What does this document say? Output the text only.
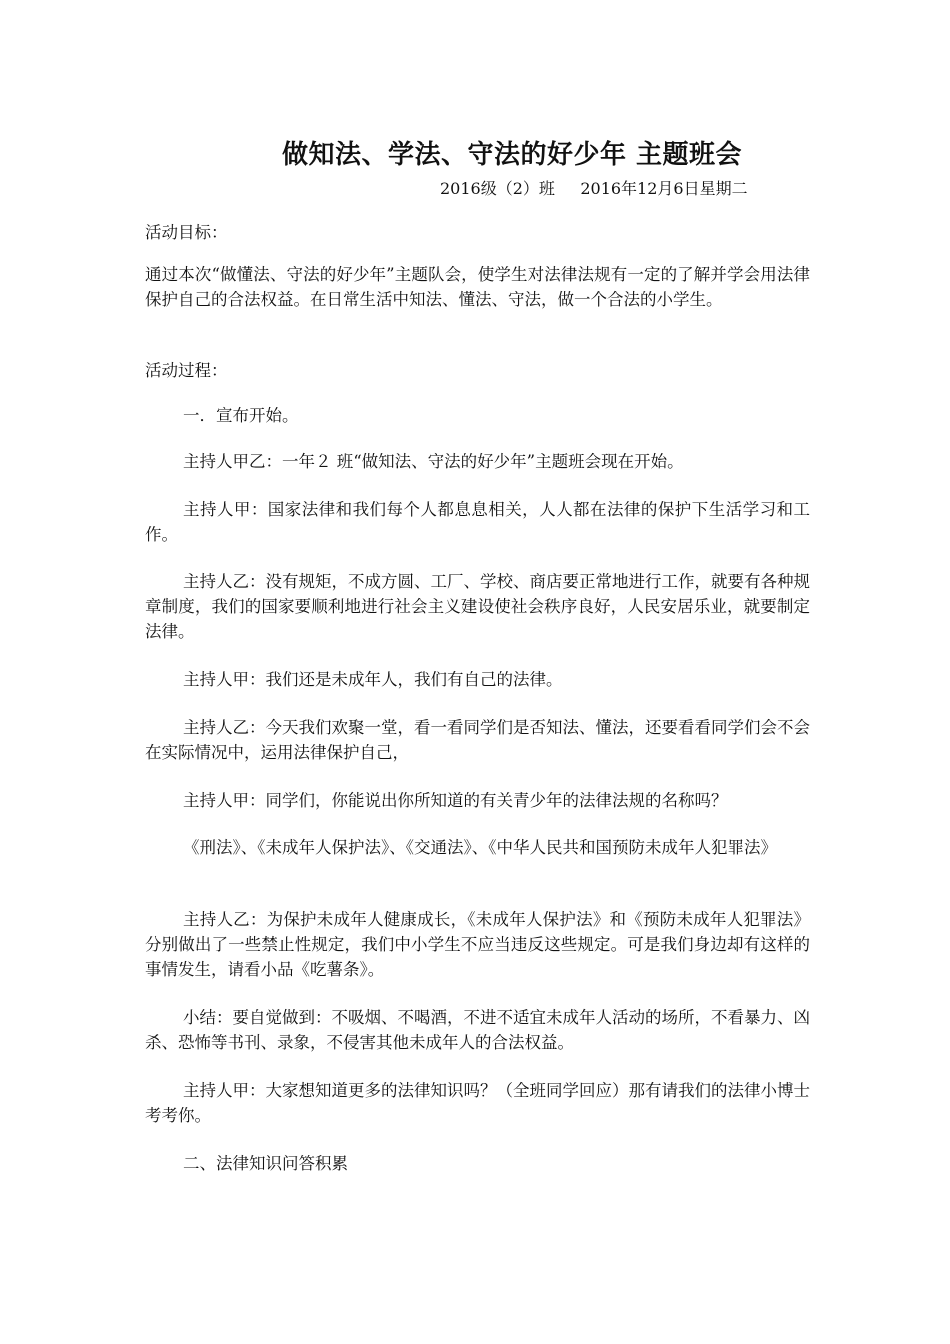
做知法、学法、守法的好少年 主题班会

2016级（2）班     2016年12月6日星期二

活动目标：

通过本次“做懂法、守法的好少年”主题队会，使学生对法律法规有一定的了解并学会用法律保护自己的合法权益。在日常生活中知法、懂法、守法，做一个合法的小学生。

活动过程：

一．宣布开始。

主持人甲乙：一年２ 班“做知法、守法的好少年”主题班会现在开始。

主持人甲：国家法律和我们每个人都息息相关，人人都在法律的保护下生活学习和工作。

主持人乙：没有规矩，不成方圆、工厂、学校、商店要正常地进行工作，就要有各种规章制度，我们的国家要顺利地进行社会主义建设使社会秩序良好，人民安居乐业，就要制定法律。

主持人甲：我们还是未成年人，我们有自己的法律。

主持人乙：今天我们欢聚一堂，看一看同学们是否知法、懂法，还要看看同学们会不会在实际情况中，运用法律保护自己，

主持人甲：同学们，你能说出你所知道的有关青少年的法律法规的名称吗？

《刑法》、《未成年人保护法》、《交通法》、《中华人民共和国预防未成年人犯罪法》

主持人乙：为保护未成年人健康成长，《未成年人保护法》和《预防未成年人犯罪法》分别做出了一些禁止性规定，我们中小学生不应当违反这些规定。可是我们身边却有这样的事情发生，请看小品《吃薯条》。

小结：要自觉做到：不吸烟、不喝酒，不进不适宜未成年人活动的场所，不看暴力、凶杀、恐怖等书刊、录象，不侵害其他未成年人的合法权益。

主持人甲：大家想知道更多的法律知识吗？（全班同学回应）那有请我们的法律小博士考考你。

二、法律知识问答积累
